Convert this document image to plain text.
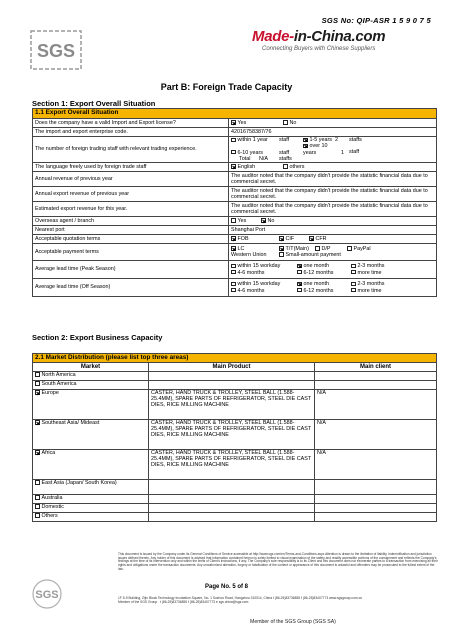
SGS No: QIP-ASR 1 5 9 0 7 5
SGS
Made-in-China.com
Connecting Buyers with Chinese Suppliers
Part B: Foreign Trade Capacity
Section 1: Export Overall Situation
1.1 Export Overall Situation	
Does the company have a valid Import and Export license?	Yes No
The import and export enterprise code.	42016758387/76
The number of foreign trading staff with relevant trading experience.	within 1 year staff 1-5 years 2 staffs
6-10 years staffover 10 years 1 staff
Total N/A staffs

The language freely used by foreign trade staff	English others
Annual revenue of previous year	The auditor noted that the company didn't provide the statistic financial data due to commercial secret.
Annual export revenue of previous year	The auditor noted that the company didn't provide the statistic financial data due to commercial secret.
Estimated export revenue for this year.	The auditor noted that the company didn't provide the statistic financial data due to commercial secret.
Overseas agent / branch	Yes No
Nearest port	Shanghai Port
Acceptable quotation terms	FOB CIF CFR
Acceptable payment terms	LC T/T(Main) D/P PayPal
Western Union Small-amount payment

Average lead time (Peak Season)	within 15 workday one month 2-3 months
4-6 months 6-12 months more time

Average lead time (Off Season)	within 15 workday one month 2-3 months
4-6 months 6-12 months more time
Section 2: Export Business Capacity
2.1 Market Distribution (please list top three areas)		
Market	Main Product	Main client
North America		
South America		
Europe	CASTER, HAND TRUCK & TROLLEY, STEEL BALL (1.588-25.4MM), SPARE PARTS OF REFRIGERATOR, STEEL DIE CAST DIES, RICE MILLING MACHINE	N/A
Southeast Asia/ Mideast	CASTER, HAND TRUCK & TROLLEY, STEEL BALL (1.588-25.4MM), SPARE PARTS OF REFRIGERATOR, STEEL DIE CAST DIES, RICE MILLING MACHINE	N/A
Africa	CASTER, HAND TRUCK & TROLLEY, STEEL BALL (1.588-25.4MM), SPARE PARTS OF REFRIGERATOR, STEEL DIE CAST DIES, RICE MILLING MACHINE	N/A
East Asia (Japan/ South Korea)		
Australia		
Domestic		
Others		
SGS
This document is issued by the Company under its General Conditions of Service accessible at http://www.sgs.com/en/Terms-and-Conditions.aspx Attention is drawn to the limitation of liability, indemnification and jurisdiction issues defined therein. Any holder of this document is advised that information contained hereon is solely limited to visual examination of the safety and readily accessible portions of the consignment and reflects the Company's findings at the time of its intervention only and within the limits of Client's instructions, if any. The Company's sole responsibility is to its Client and this document does not exonerate parties to a transaction from exercising all their rights and obligations under the transaction documents. Any unauthorized alteration, forgery or falsification of the content or appearance of this document is unlawful and offenders may be prosecuted to the fullest extent of the law.
Page No. 5 of 8
1F 5-9 Building, Zijin Block Technology Incubation Square, No. 1 Suzhou Road, Hangzhou 310014, China t (86-25)83736855 f (86-25)83407773 www.sgsgroup.com.cn
Member of the SGS Group t (86-25)83736855 f (86-25)83407773 e sgs.china@sgs.com
Member of the SGS Group (SGS SA)
